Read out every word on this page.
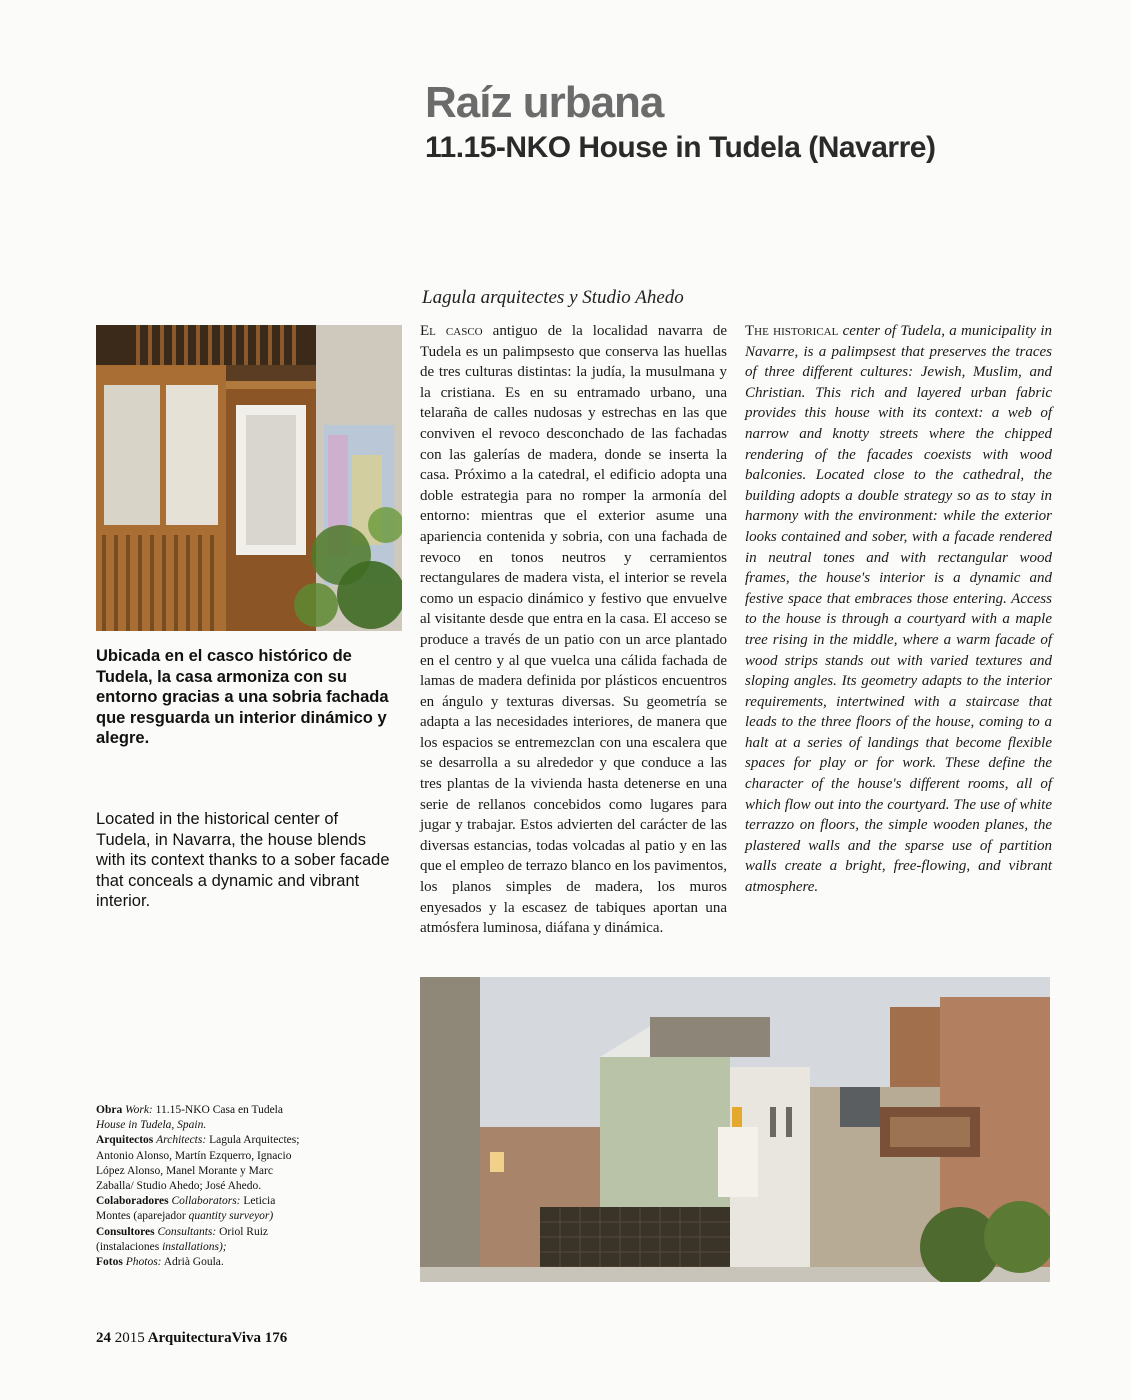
Raíz urbana
11.15-NKO House in Tudela (Navarre)
Lagula arquitectes y Studio Ahedo

Ubicada en el casco histórico de Tudela, la casa armoniza con su entorno gracias a una sobria fachada que resguarda un interior dinámico y alegre.

Located in the historical center of Tudela, in Navarra, the house blends with its context thanks to a sober facade that conceals a dynamic and vibrant interior.

El casco antiguo de la localidad navarra de Tudela es un palimpsesto que conserva las huellas de tres culturas distintas: la judía, la musulmana y la cristiana. Es en su entramado urbano, una telaraña de calles nudosas y estrechas en las que conviven el revoco desconchado de las fachadas con las galerías de madera, donde se inserta la casa. Próximo a la catedral, el edificio adopta una doble estrategia para no romper la armonía del entorno: mientras que el exterior asume una apariencia contenida y sobria, con una fachada de revoco en tonos neutros y cerramientos rectangulares de madera vista, el interior se revela como un espacio dinámico y festivo que envuelve al visitante desde que entra en la casa. El acceso se produce a través de un patio con un arce plantado en el centro y al que vuelca una cálida fachada de lamas de madera definida por plásticos encuentros en ángulo y texturas diversas. Su geometría se adapta a las necesidades interiores, de manera que los espacios se entremezclan con una escalera que se desarrolla a su alrededor y que conduce a las tres plantas de la vivienda hasta detenerse en una serie de rellanos concebidos como lugares para jugar y trabajar. Estos advierten del carácter de las diversas estancias, todas volcadas al patio y en las que el empleo de terrazo blanco en los pavimentos, los planos simples de madera, los muros enyesados y la escasez de tabiques aportan una atmósfera luminosa, diáfana y dinámica.

The historical center of Tudela, a municipality in Navarre, is a palimpsest that preserves the traces of three different cultures: Jewish, Muslim, and Christian. This rich and layered urban fabric provides this house with its context: a web of narrow and knotty streets where the chipped rendering of the facades coexists with wood balconies. Located close to the cathedral, the building adopts a double strategy so as to stay in harmony with the environment: while the exterior looks contained and sober, with a facade rendered in neutral tones and with rectangular wood frames, the house's interior is a dynamic and festive space that embraces those entering. Access to the house is through a courtyard with a maple tree rising in the middle, where a warm facade of wood strips stands out with varied textures and sloping angles. Its geometry adapts to the interior requirements, intertwined with a staircase that leads to the three floors of the house, coming to a halt at a series of landings that become flexible spaces for play or for work. These define the character of the house's different rooms, all of which flow out into the courtyard. The use of white terrazzo on floors, the simple wooden planes, the plastered walls and the sparse use of partition walls create a bright, free-flowing, and vibrant atmosphere.

Obra Work: 11.15-NKO Casa en Tudela House in Tudela, Spain.
Arquitectos Architects: Lagula Arquitectes; Antonio Alonso, Martín Ezquerro, Ignacio López Alonso, Manel Morante y Marc Zaballa/ Studio Ahedo; José Ahedo.
Colaboradores Collaborators: Leticia Montes (aparejador quantity surveyor)
Consultores Consultants: Oriol Ruiz (instalaciones installations);
Fotos Photos: Adrià Goula.
24 2015 ArquitecturaViva 176
